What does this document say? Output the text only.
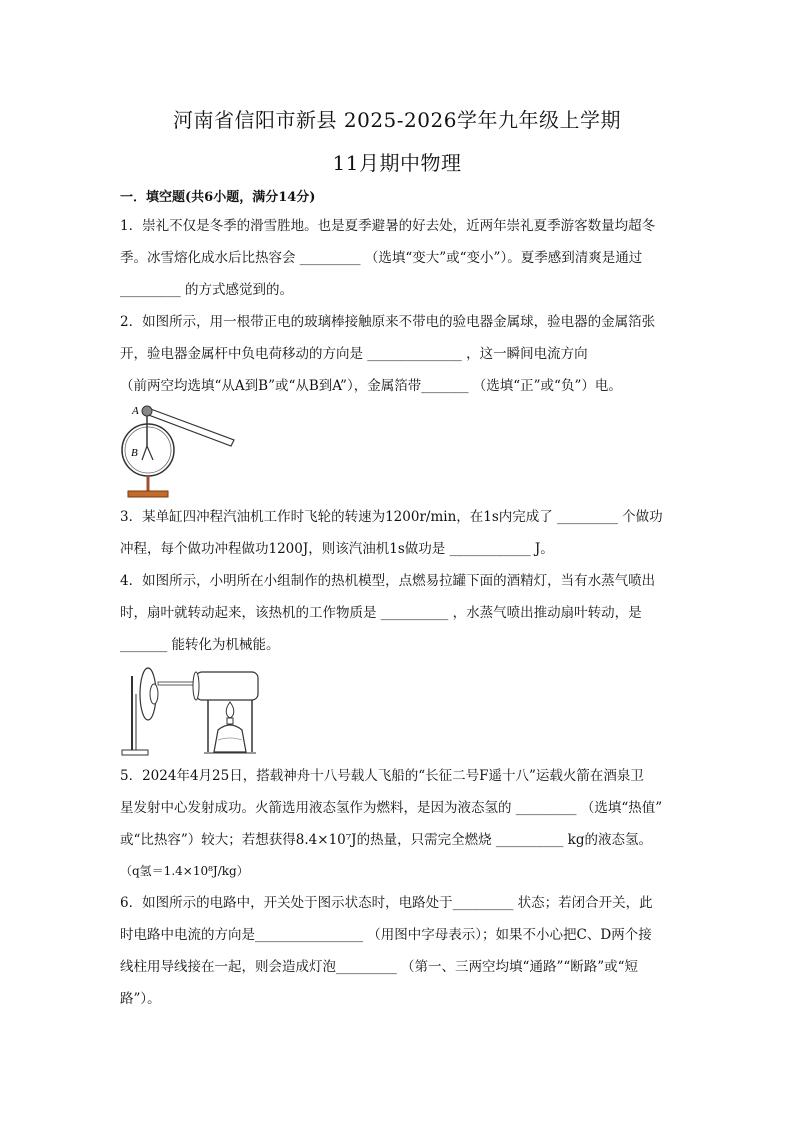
河南省信阳市新县 2025-2026学年九年级上学期
11月期中物理
一．填空题(共6小题，满分14分)
1．崇礼不仅是冬季的滑雪胜地。也是夏季避暑的好去处，近两年崇礼夏季游客数量均超冬
季。冰雪熔化成水后比热容会 _________ （选填“变大”或“变小”）。夏季感到清爽是通过
_________ 的方式感觉到的。
2．如图所示，用一根带正电的玻璃棒接触原来不带电的验电器金属球，验电器的金属箔张
开，验电器金属杆中负电荷移动的方向是 ______________ ，这一瞬间电流方向
（前两空均选填“从A到B”或“从B到A”），金属箔带_______ （选填“正”或“负”）电。
A
B
3．某单缸四冲程汽油机工作时飞轮的转速为1200r/min，在1s内完成了 _________ 个做功
冲程，每个做功冲程做功1200J，则该汽油机1s做功是 ____________ J。
4．如图所示，小明所在小组制作的热机模型，点燃易拉罐下面的酒精灯，当有水蒸气喷出
时，扇叶就转动起来，该热机的工作物质是 __________ ，水蒸气喷出推动扇叶转动，是
_______ 能转化为机械能。
5．2024年4月25日，搭载神舟十八号载人飞船的“长征二号F遥十八”运载火箭在酒泉卫
星发射中心发射成功。火箭选用液态氢作为燃料，是因为液态氢的 _________ （选填“热值”
或“比热容”）较大；若想获得8.4×10⁷J的热量，只需完全燃烧 __________ kg的液态氢。
（q氢＝1.4×10⁸J/kg）
6．如图所示的电路中，开关处于图示状态时，电路处于_________ 状态；若闭合开关，此
时电路中电流的方向是________________ （用图中字母表示）；如果不小心把C、D两个接
线柱用导线接在一起，则会造成灯泡_________ （第一、三两空均填“通路”“断路”或“短
路”）。
